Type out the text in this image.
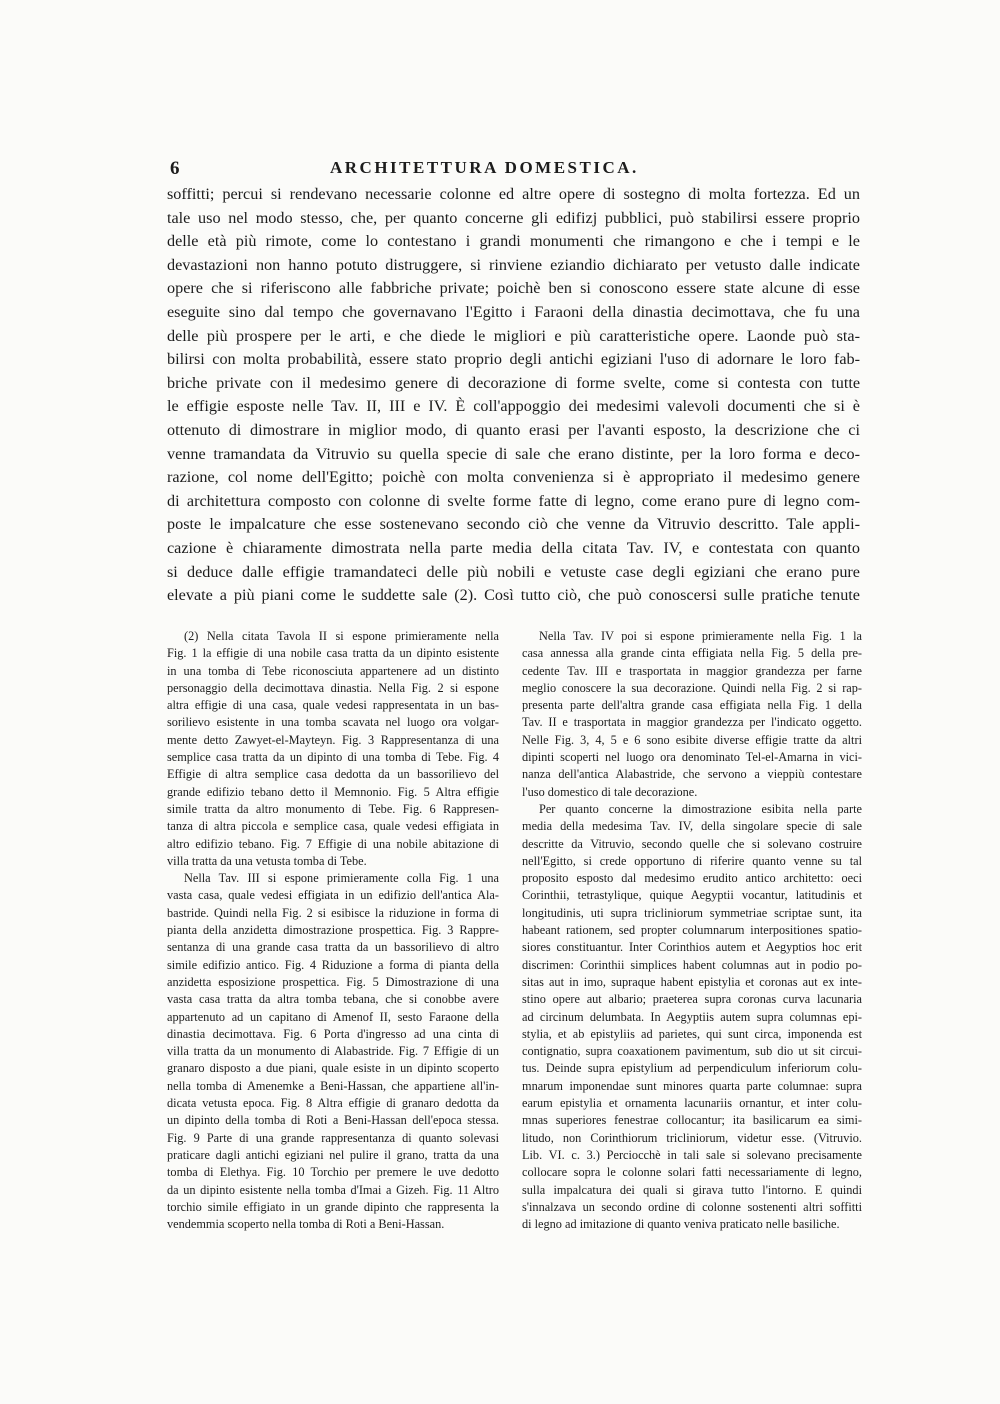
6	ARCHITETTURA DOMESTICA.
soffitti; percui si rendevano necessarie colonne ed altre opere di sostegno di molta fortezza. Ed un
tale uso nel modo stesso, che, per quanto concerne gli edifizj pubblici, può stabilirsi essere proprio
delle età più rimote, come lo contestano i grandi monumenti che rimangono e che i tempi e le
devastazioni non hanno potuto distruggere, si rinviene eziandio dichiarato per vetusto dalle indicate
opere che si riferiscono alle fabbriche private; poichè ben si conoscono essere state alcune di esse
eseguite sino dal tempo che governavano l'Egitto i Faraoni della dinastia decimottava, che fu una
delle più prospere per le arti, e che diede le migliori e più caratteristiche opere. Laonde può sta-
bilirsi con molta probabilità, essere stato proprio degli antichi egiziani l'uso di adornare le loro fab-
briche private con il medesimo genere di decorazione di forme svelte, come si contesta con tutte
le effigie esposte nelle Tav. II, III e IV. È coll'appoggio dei medesimi valevoli documenti che si è
ottenuto di dimostrare in miglior modo, di quanto erasi per l'avanti esposto, la descrizione che ci
venne tramandata da Vitruvio su quella specie di sale che erano distinte, per la loro forma e deco-
razione, col nome dell'Egitto; poichè con molta convenienza si è appropriato il medesimo genere
di architettura composto con colonne di svelte forme fatte di legno, come erano pure di legno com-
poste le impalcature che esse sostenevano secondo ciò che venne da Vitruvio descritto. Tale appli-
cazione è chiaramente dimostrata nella parte media della citata Tav. IV, e contestata con quanto
si deduce dalle effigie tramandateci delle più nobili e vetuste case degli egiziani che erano pure
elevate a più piani come le suddette sale (2). Così tutto ciò, che può conoscersi sulle pratiche tenute
(2) Nella citata Tavola II si espone primieramente nella
Fig. 1 la effigie di una nobile casa tratta da un dipinto esistente
in una tomba di Tebe riconosciuta appartenere ad un distinto
personaggio della decimottava dinastia. Nella Fig. 2 si espone
altra effigie di una casa, quale vedesi rappresentata in un bas-
sorilievo esistente in una tomba scavata nel luogo ora volgar-
mente detto Zawyet-el-Mayteyn. Fig. 3 Rappresentanza di una
semplice casa tratta da un dipinto di una tomba di Tebe. Fig. 4
Effigie di altra semplice casa dedotta da un bassorilievo del
grande edifizio tebano detto il Memnonio. Fig. 5 Altra effigie
simile tratta da altro monumento di Tebe. Fig. 6 Rappresen-
tanza di altra piccola e semplice casa, quale vedesi effigiata in
altro edifizio tebano. Fig. 7 Effigie di una nobile abitazione di
villa tratta da una vetusta tomba di Tebe.
Nella Tav. III si espone primieramente colla Fig. 1 una
vasta casa, quale vedesi effigiata in un edifizio dell'antica Ala-
bastride. Quindi nella Fig. 2 si esibisce la riduzione in forma di
pianta della anzidetta dimostrazione prospettica. Fig. 3 Rappre-
sentanza di una grande casa tratta da un bassorilievo di altro
simile edifizio antico. Fig. 4 Riduzione a forma di pianta della
anzidetta esposizione prospettica. Fig. 5 Dimostrazione di una
vasta casa tratta da altra tomba tebana, che si conobbe avere
appartenuto ad un capitano di Amenof II, sesto Faraone della
dinastia decimottava. Fig. 6 Porta d'ingresso ad una cinta di
villa tratta da un monumento di Alabastride. Fig. 7 Effigie di un
granaro disposto a due piani, quale esiste in un dipinto scoperto
nella tomba di Amenemke a Beni-Hassan, che appartiene all'in-
dicata vetusta epoca. Fig. 8 Altra effigie di granaro dedotta da
un dipinto della tomba di Roti a Beni-Hassan dell'epoca stessa.
Fig. 9 Parte di una grande rappresentanza di quanto solevasi
praticare dagli antichi egiziani nel pulire il grano, tratta da una
tomba di Elethya. Fig. 10 Torchio per premere le uve dedotto
da un dipinto esistente nella tomba d'Imai a Gizeh. Fig. 11 Altro
torchio simile effigiato in un grande dipinto che rappresenta la
vendemmia scoperto nella tomba di Roti a Beni-Hassan.
Nella Tav. IV poi si espone primieramente nella Fig. 1 la
casa annessa alla grande cinta effigiata nella Fig. 5 della pre-
cedente Tav. III e trasportata in maggior grandezza per farne
meglio conoscere la sua decorazione. Quindi nella Fig. 2 si rap-
presenta parte dell'altra grande casa effigiata nella Fig. 1 della
Tav. II e trasportata in maggior grandezza per l'indicato oggetto.
Nelle Fig. 3, 4, 5 e 6 sono esibite diverse effigie tratte da altri
dipinti scoperti nel luogo ora denominato Tel-el-Amarna in vici-
nanza dell'antica Alabastride, che servono a vieppiù contestare
l'uso domestico di tale decorazione.
Per quanto concerne la dimostrazione esibita nella parte
media della medesima Tav. IV, della singolare specie di sale
descritte da Vitruvio, secondo quelle che si solevano costruire
nell'Egitto, si crede opportuno di riferire quanto venne su tal
proposito esposto dal medesimo erudito antico architetto: oeci
Corinthii, tetrastylique, quique Aegyptii vocantur, latitudinis et
longitudinis, uti supra tricliniorum symmetriae scriptae sunt, ita
habeant rationem, sed propter columnarum interpositiones spatio-
siores constituantur. Inter Corinthios autem et Aegyptios hoc erit
discrimen: Corinthii simplices habent columnas aut in podio po-
sitas aut in imo, supraque habent epistylia et coronas aut ex inte-
stino opere aut albario; praeterea supra coronas curva lacunaria
ad circinum delumbata. In Aegyptiis autem supra columnas epi-
stylia, et ab epistyliis ad parietes, qui sunt circa, imponenda est
contignatio, supra coaxationem pavimentum, sub dio ut sit circui-
tus. Deinde supra epistylium ad perpendiculum inferiorum colu-
mnarum imponendae sunt minores quarta parte columnae: supra
earum epistylia et ornamenta lacunariis ornantur, et inter colu-
mnas superiores fenestrae collocantur; ita basilicarum ea simi-
litudo, non Corinthiorum tricliniorum, videtur esse. (Vitruvio.
Lib. VI. c. 3.) Perciocchè in tali sale si solevano precisamente
collocare sopra le colonne solari fatti necessariamente di legno,
sulla impalcatura dei quali si girava tutto l'intorno. E quindi
s'innalzava un secondo ordine di colonne sostenenti altri soffitti
di legno ad imitazione di quanto veniva praticato nelle basiliche.
